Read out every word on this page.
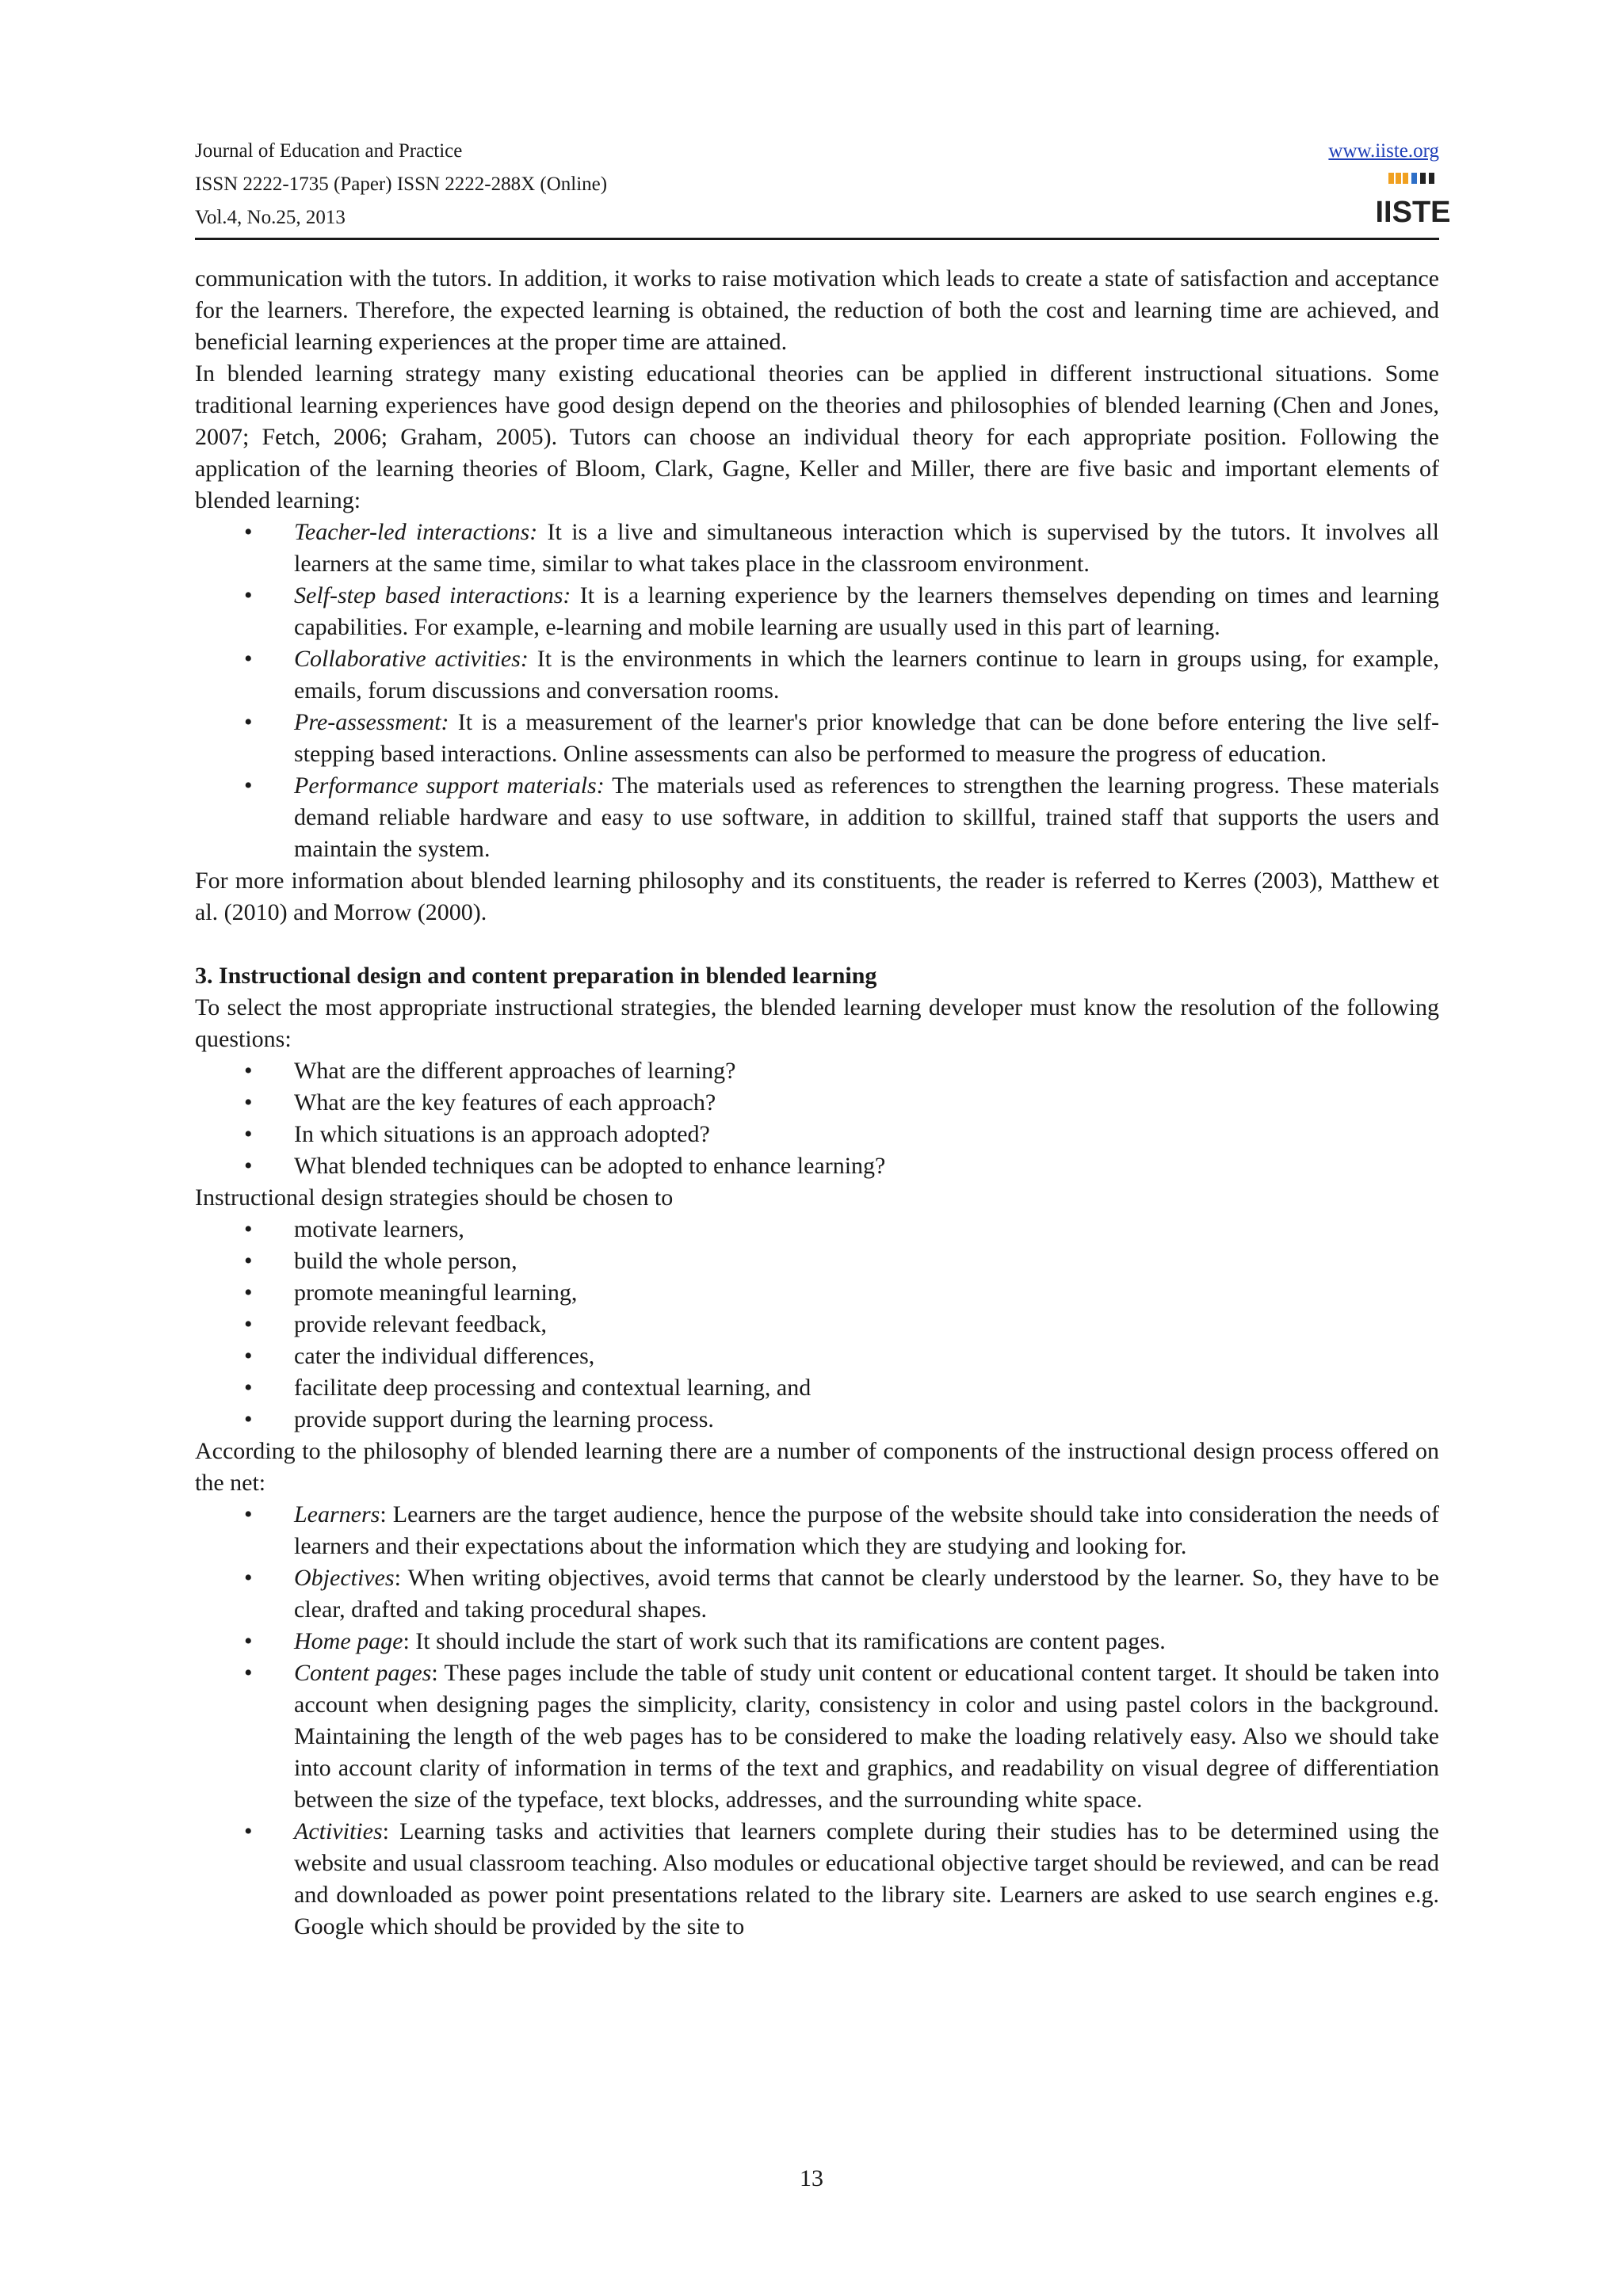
Journal of Education and Practice
ISSN 2222-1735 (Paper) ISSN 2222-288X (Online)
Vol.4, No.25, 2013
www.iiste.org
IISTE

communication with the tutors. In addition, it works to raise motivation which leads to create a state of satisfaction and acceptance for the learners. Therefore, the expected learning is obtained, the reduction of both the cost and learning time are achieved, and beneficial learning experiences at the proper time are attained.

In blended learning strategy many existing educational theories can be applied in different instructional situations. Some traditional learning experiences have good design depend on the theories and philosophies of blended learning (Chen and Jones, 2007; Fetch, 2006; Graham, 2005). Tutors can choose an individual theory for each appropriate position. Following the application of the learning theories of Bloom, Clark, Gagne, Keller and Miller, there are five basic and important elements of blended learning:

• Teacher-led interactions: It is a live and simultaneous interaction which is supervised by the tutors. It involves all learners at the same time, similar to what takes place in the classroom environment.
• Self-step based interactions: It is a learning experience by the learners themselves depending on times and learning capabilities. For example, e-learning and mobile learning are usually used in this part of learning.
• Collaborative activities: It is the environments in which the learners continue to learn in groups using, for example, emails, forum discussions and conversation rooms.
• Pre-assessment: It is a measurement of the learner's prior knowledge that can be done before entering the live self-stepping based interactions. Online assessments can also be performed to measure the progress of education.
• Performance support materials: The materials used as references to strengthen the learning progress. These materials demand reliable hardware and easy to use software, in addition to skillful, trained staff that supports the users and maintain the system.

For more information about blended learning philosophy and its constituents, the reader is referred to Kerres (2003), Matthew et al. (2010) and Morrow (2000).

3. Instructional design and content preparation in blended learning

To select the most appropriate instructional strategies, the blended learning developer must know the resolution of the following questions:

• What are the different approaches of learning?
• What are the key features of each approach?
• In which situations is an approach adopted?
• What blended techniques can be adopted to enhance learning?

Instructional design strategies should be chosen to

• motivate learners,
• build the whole person,
• promote meaningful learning,
• provide relevant feedback,
• cater the individual differences,
• facilitate deep processing and contextual learning, and
• provide support during the learning process.

According to the philosophy of blended learning there are a number of components of the instructional design process offered on the net:

• Learners: Learners are the target audience, hence the purpose of the website should take into consideration the needs of learners and their expectations about the information which they are studying and looking for.
• Objectives: When writing objectives, avoid terms that cannot be clearly understood by the learner. So, they have to be clear, drafted and taking procedural shapes.
• Home page: It should include the start of work such that its ramifications are content pages.
• Content pages: These pages include the table of study unit content or educational content target. It should be taken into account when designing pages the simplicity, clarity, consistency in color and using pastel colors in the background. Maintaining the length of the web pages has to be considered to make the loading relatively easy. Also we should take into account clarity of information in terms of the text and graphics, and readability on visual degree of differentiation between the size of the typeface, text blocks, addresses, and the surrounding white space.
• Activities: Learning tasks and activities that learners complete during their studies has to be determined using the website and usual classroom teaching. Also modules or educational objective target should be reviewed, and can be read and downloaded as power point presentations related to the library site. Learners are asked to use search engines e.g. Google which should be provided by the site to
13
